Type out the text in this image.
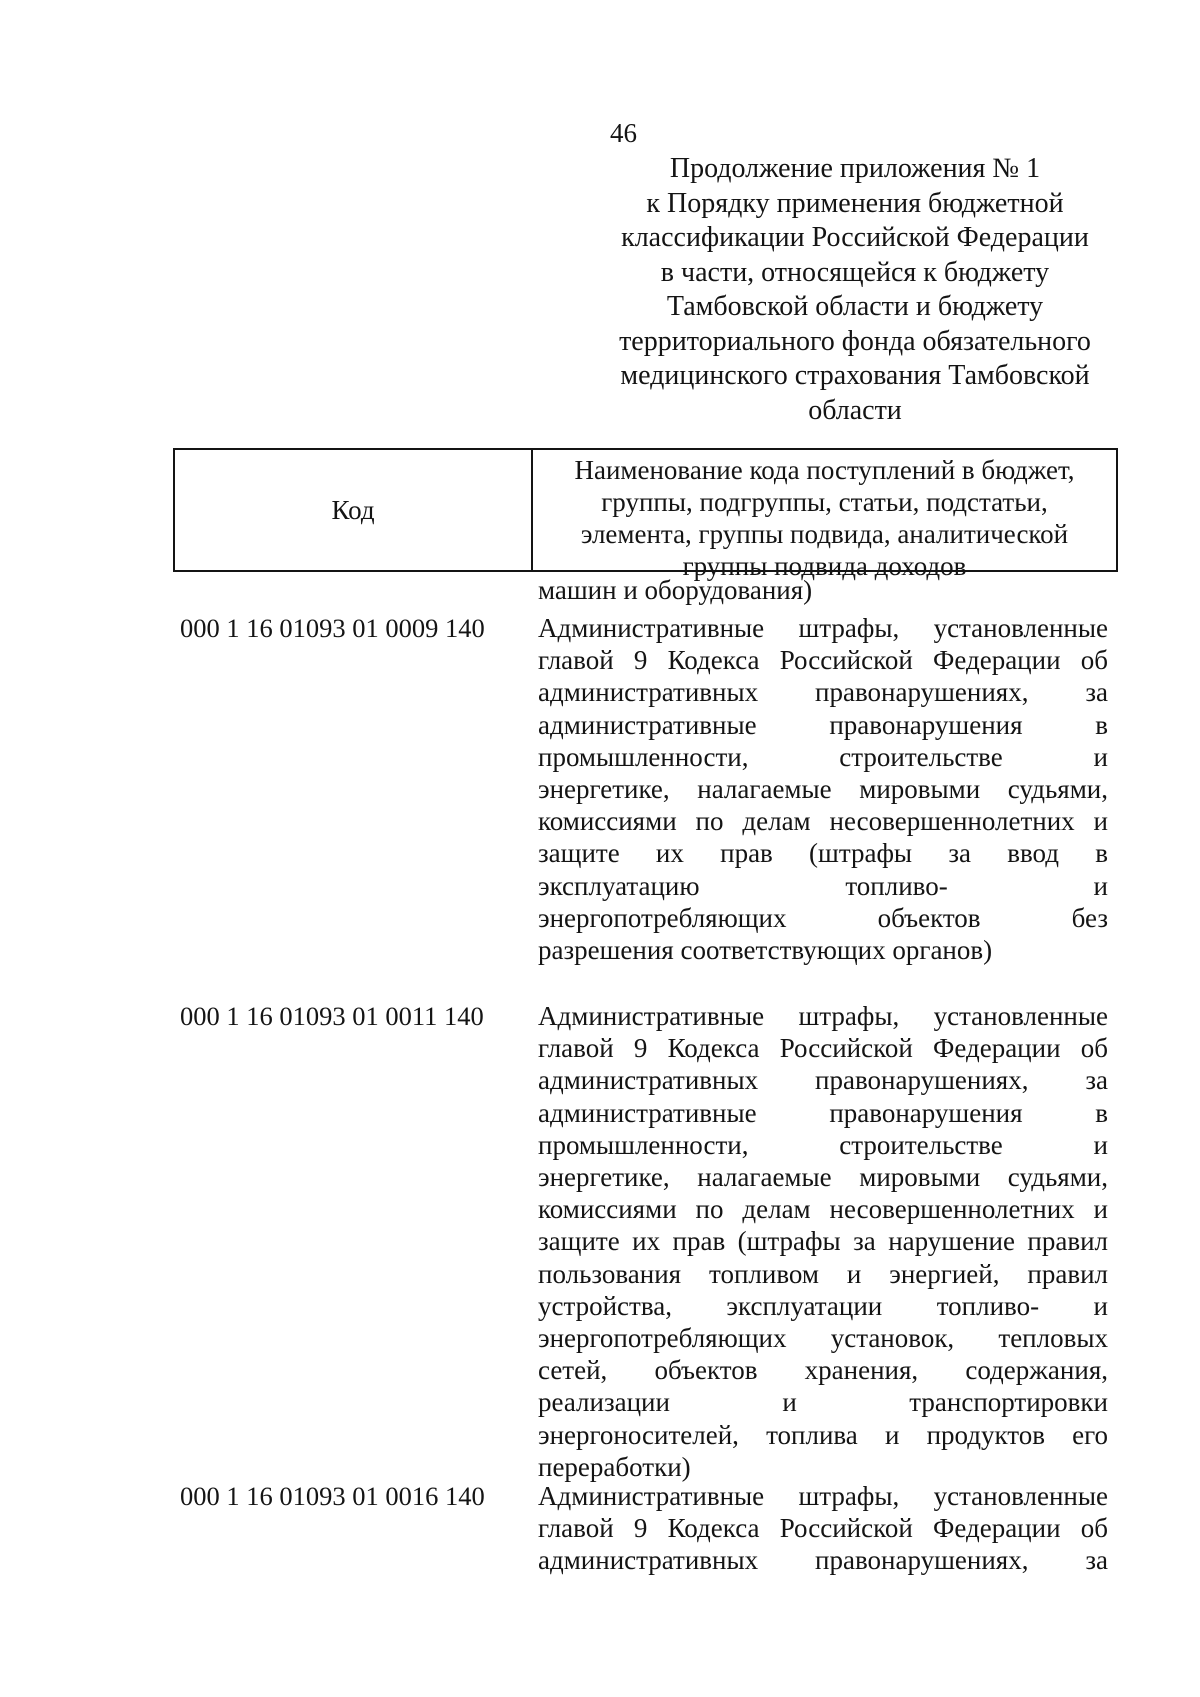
46
Продолжение приложения № 1
к Порядку применения бюджетной
классификации Российской Федерации
в части, относящейся к бюджету
Тамбовской области и бюджету
территориального фонда обязательного
медицинского страхования Тамбовской
области
Код
Наименование кода поступлений в бюджет,
группы, подгруппы, статьи, подстатьи,
элемента, группы подвида, аналитической
группы подвида доходов
машин и оборудования)
000 1 16 01093 01 0009 140 Административные штрафы, установленные
главой 9 Кодекса Российской Федерации об
административных правонарушениях, за
административные правонарушения в
промышленности, строительстве и
энергетике, налагаемые мировыми судьями,
комиссиями по делам несовершеннолетних и
защите их прав (штрафы за ввод в
эксплуатацию топливо- и
энергопотребляющих объектов без
разрешения соответствующих органов)
000 1 16 01093 01 0011 140 Административные штрафы, установленные
главой 9 Кодекса Российской Федерации об
административных правонарушениях, за
административные правонарушения в
промышленности, строительстве и
энергетике, налагаемые мировыми судьями,
комиссиями по делам несовершеннолетних и
защите их прав (штрафы за нарушение правил
пользования топливом и энергией, правил
устройства, эксплуатации топливо- и
энергопотребляющих установок, тепловых
сетей, объектов хранения, содержания,
реализации и транспортировки
энергоносителей, топлива и продуктов его
переработки)
000 1 16 01093 01 0016 140 Административные штрафы, установленные
главой 9 Кодекса Российской Федерации об
административных правонарушениях, за
